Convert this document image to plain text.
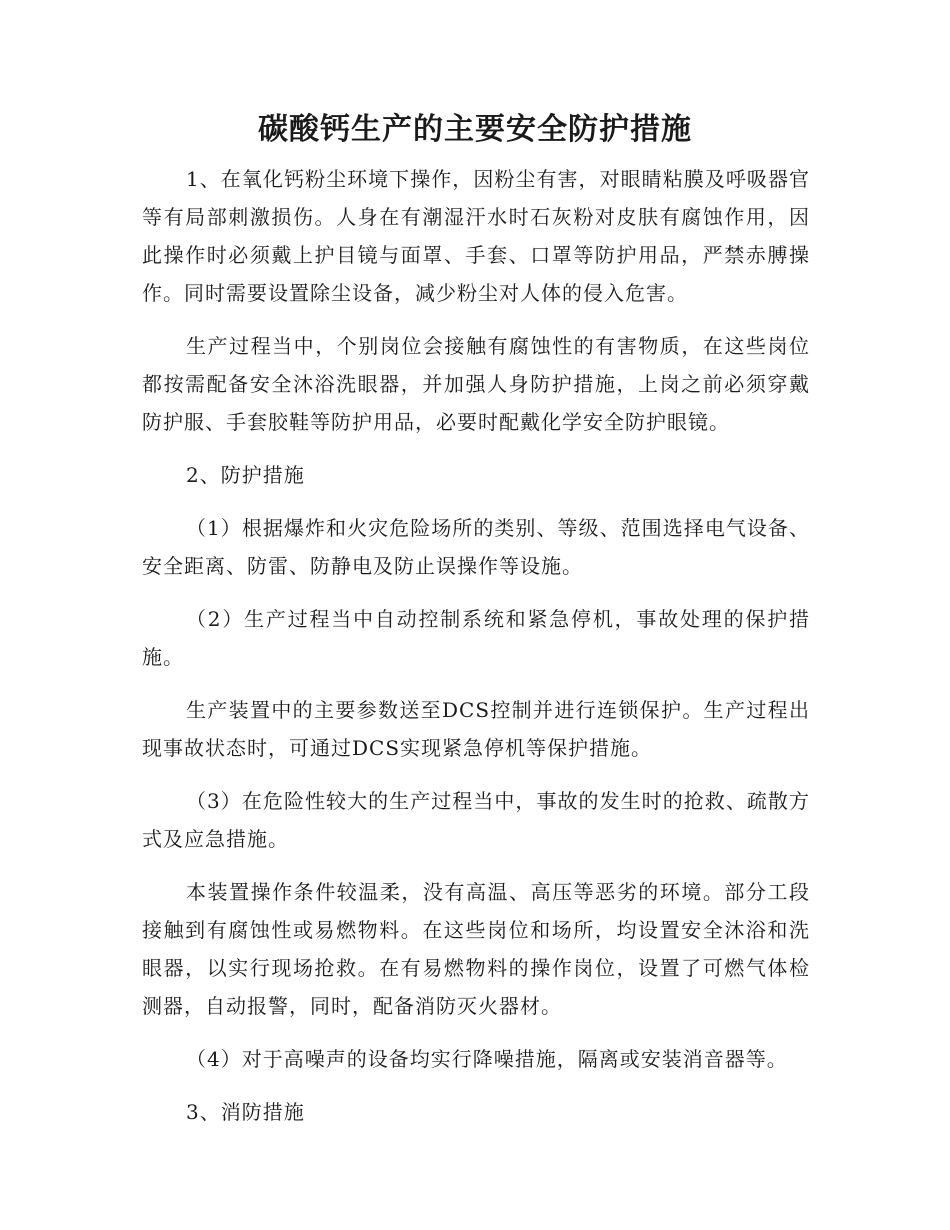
碳酸钙生产的主要安全防护措施

1、在氧化钙粉尘环境下操作，因粉尘有害，对眼睛粘膜及呼吸器官等有局部刺激损伤。人身在有潮湿汗水时石灰粉对皮肤有腐蚀作用，因此操作时必须戴上护目镜与面罩、手套、口罩等防护用品，严禁赤膊操作。同时需要设置除尘设备，减少粉尘对人体的侵入危害。

生产过程当中，个别岗位会接触有腐蚀性的有害物质，在这些岗位都按需配备安全沐浴洗眼器，并加强人身防护措施，上岗之前必须穿戴防护服、手套胶鞋等防护用品，必要时配戴化学安全防护眼镜。

2、防护措施

（1）根据爆炸和火灾危险场所的类别、等级、范围选择电气设备、安全距离、防雷、防静电及防止误操作等设施。

（2）生产过程当中自动控制系统和紧急停机，事故处理的保护措施。

生产装置中的主要参数送至DCS控制并进行连锁保护。生产过程出现事故状态时，可通过DCS实现紧急停机等保护措施。

（3）在危险性较大的生产过程当中，事故的发生时的抢救、疏散方式及应急措施。

本装置操作条件较温柔，没有高温、高压等恶劣的环境。部分工段接触到有腐蚀性或易燃物料。在这些岗位和场所，均设置安全沐浴和洗眼器，以实行现场抢救。在有易燃物料的操作岗位，设置了可燃气体检测器，自动报警，同时，配备消防灭火器材。

（4）对于高噪声的设备均实行降噪措施，隔离或安装消音器等。

3、消防措施
